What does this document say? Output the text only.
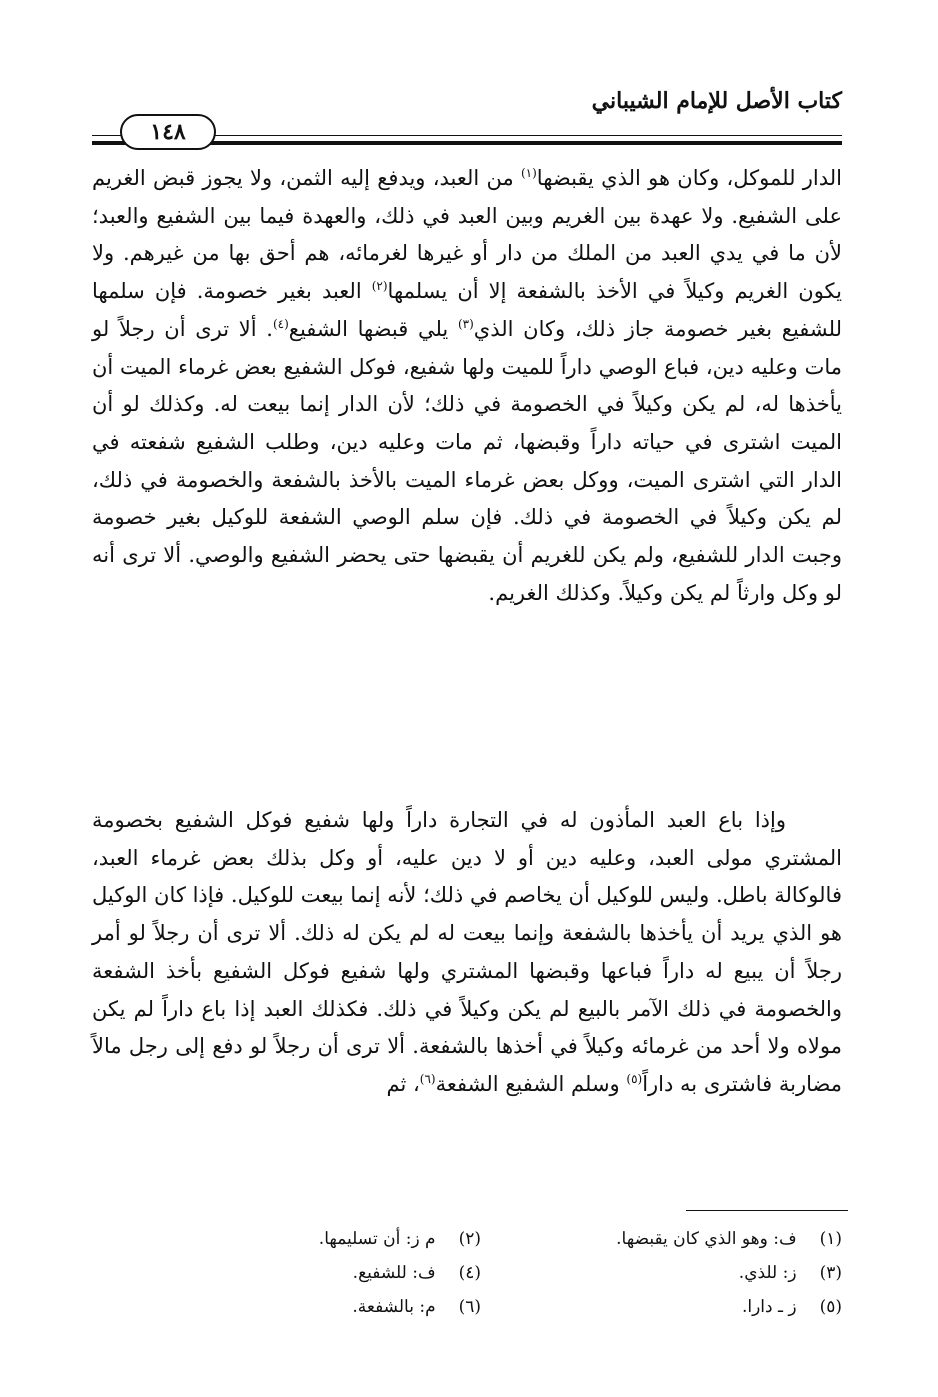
كتاب الأصل للإمام الشيباني
١٤٨
الدار للموكل، وكان هو الذي يقبضها$^{(١)}$ من العبد، ويدفع إليه الثمن، ولا يجوز قبض الغريم على الشفيع. ولا عهدة بين الغريم وبين العبد في ذلك، والعهدة فيما بين الشفيع والعبد؛ لأن ما في يدي العبد من الملك من دار أو غيرها لغرمائه، هم أحق بها من غيرهم. ولا يكون الغريم وكيلاً في الأخذ بالشفعة إلا أن يسلمها$^{(٢)}$ العبد بغير خصومة. فإن سلمها للشفيع بغير خصومة جاز ذلك، وكان الذي$^{(٣)}$ يلي قبضها الشفيع$^{(٤)}$. ألا ترى أن رجلاً لو مات وعليه دين، فباع الوصي داراً للميت ولها شفيع، فوكل الشفيع بعض غرماء الميت أن يأخذها له، لم يكن وكيلاً في الخصومة في ذلك؛ لأن الدار إنما بيعت له. وكذلك لو أن الميت اشترى في حياته داراً وقبضها، ثم مات وعليه دين، وطلب الشفيع شفعته في الدار التي اشترى الميت، ووكل بعض غرماء الميت بالأخذ بالشفعة والخصومة في ذلك، لم يكن وكيلاً في الخصومة في ذلك. فإن سلم الوصي الشفعة للوكيل بغير خصومة وجبت الدار للشفيع، ولم يكن للغريم أن يقبضها حتى يحضر الشفيع والوصي. ألا ترى أنه لو وكل وارثاً لم يكن وكيلاً. وكذلك الغريم.
وإذا باع العبد المأذون له في التجارة داراً ولها شفيع فوكل الشفيع بخصومة المشتري مولى العبد، وعليه دين أو لا دين عليه، أو وكل بذلك بعض غرماء العبد، فالوكالة باطل. وليس للوكيل أن يخاصم في ذلك؛ لأنه إنما بيعت للوكيل. فإذا كان الوكيل هو الذي يريد أن يأخذها بالشفعة وإنما بيعت له لم يكن له ذلك. ألا ترى أن رجلاً لو أمر رجلاً أن يبيع له داراً فباعها وقبضها المشتري ولها شفيع فوكل الشفيع بأخذ الشفعة والخصومة في ذلك الآمر بالبيع لم يكن وكيلاً في ذلك. فكذلك العبد إذا باع داراً لم يكن مولاه ولا أحد من غرمائه وكيلاً في أخذها بالشفعة. ألا ترى أن رجلاً لو دفع إلى رجل مالاً مضاربة فاشترى به داراً$^{(٥)}$ وسلم الشفيع الشفعة$^{(٦)}$، ثم
(١) ف: وهو الذي كان يقبضها.
(٢) م ز: أن تسليمها.
(٣) ز: للذي.
(٤) ف: للشفيع.
(٥) ز ـ دارا.
(٦) م: بالشفعة.
